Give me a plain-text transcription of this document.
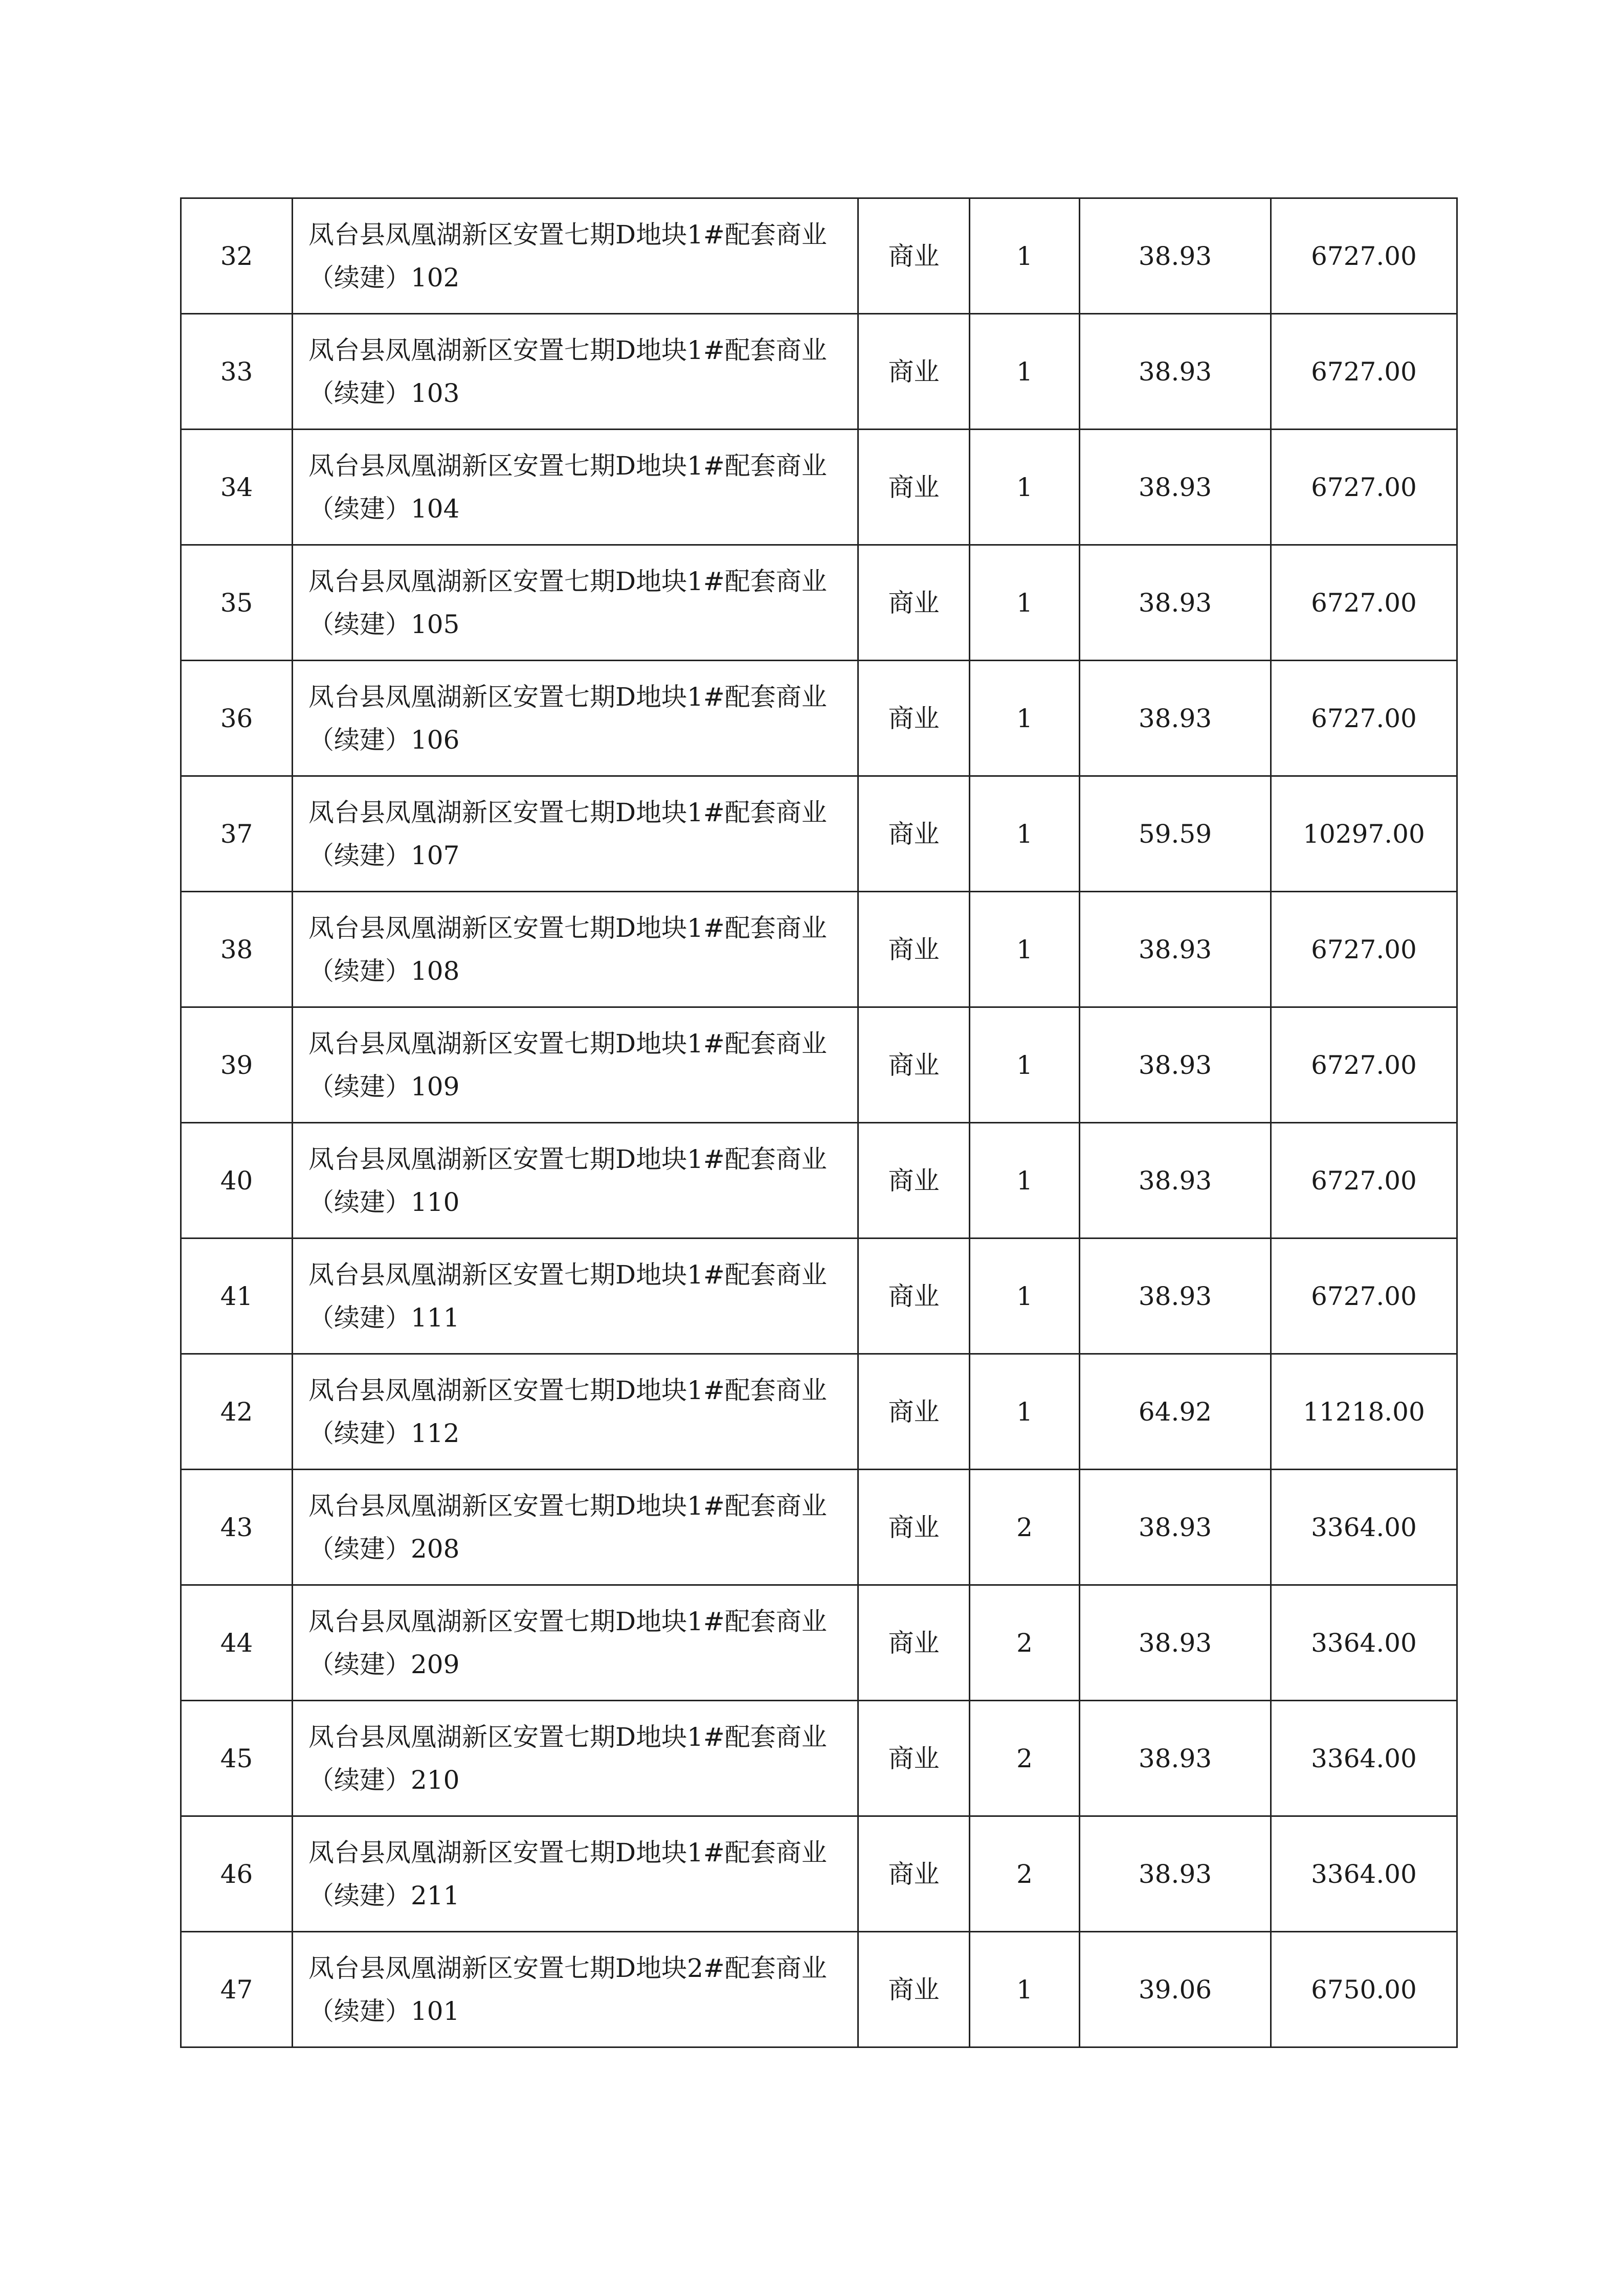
32	凤台县凤凰湖新区安置七期D地块1#配套商业（续建）102	商业	1	38.93	6727.00
33	凤台县凤凰湖新区安置七期D地块1#配套商业（续建）103	商业	1	38.93	6727.00
34	凤台县凤凰湖新区安置七期D地块1#配套商业（续建）104	商业	1	38.93	6727.00
35	凤台县凤凰湖新区安置七期D地块1#配套商业（续建）105	商业	1	38.93	6727.00
36	凤台县凤凰湖新区安置七期D地块1#配套商业（续建）106	商业	1	38.93	6727.00
37	凤台县凤凰湖新区安置七期D地块1#配套商业（续建）107	商业	1	59.59	10297.00
38	凤台县凤凰湖新区安置七期D地块1#配套商业（续建）108	商业	1	38.93	6727.00
39	凤台县凤凰湖新区安置七期D地块1#配套商业（续建）109	商业	1	38.93	6727.00
40	凤台县凤凰湖新区安置七期D地块1#配套商业（续建）110	商业	1	38.93	6727.00
41	凤台县凤凰湖新区安置七期D地块1#配套商业（续建）111	商业	1	38.93	6727.00
42	凤台县凤凰湖新区安置七期D地块1#配套商业（续建）112	商业	1	64.92	11218.00
43	凤台县凤凰湖新区安置七期D地块1#配套商业（续建）208	商业	2	38.93	3364.00
44	凤台县凤凰湖新区安置七期D地块1#配套商业（续建）209	商业	2	38.93	3364.00
45	凤台县凤凰湖新区安置七期D地块1#配套商业（续建）210	商业	2	38.93	3364.00
46	凤台县凤凰湖新区安置七期D地块1#配套商业（续建）211	商业	2	38.93	3364.00
47	凤台县凤凰湖新区安置七期D地块2#配套商业（续建）101	商业	1	39.06	6750.00
